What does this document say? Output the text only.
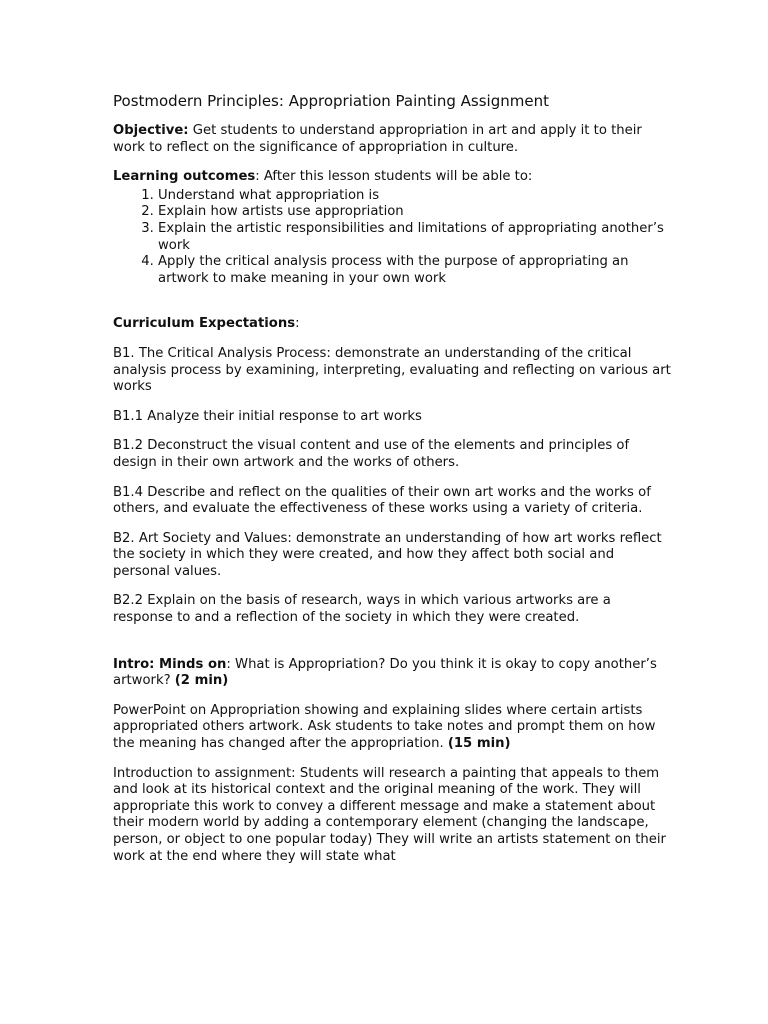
Postmodern Principles: Appropriation Painting Assignment

Objective: Get students to understand appropriation in art and apply it to their work to reflect on the significance of appropriation in culture.

Learning outcomes: After this lesson students will be able to:

1. Understand what appropriation is
2. Explain how artists use appropriation
3. Explain the artistic responsibilities and limitations of appropriating another’s work
4. Apply the critical analysis process with the purpose of appropriating an artwork to make meaning in your own work

Curriculum Expectations:

B1. The Critical Analysis Process: demonstrate an understanding of the critical analysis process by examining, interpreting, evaluating and reflecting on various art works

B1.1 Analyze their initial response to art works

B1.2 Deconstruct the visual content and use of the elements and principles of design in their own artwork and the works of others.

B1.4 Describe and reflect on the qualities of their own art works and the works of others, and evaluate the effectiveness of these works using a variety of criteria.

B2. Art Society and Values: demonstrate an understanding of how art works reflect the society in which they were created, and how they affect both social and personal values.

B2.2 Explain on the basis of research, ways in which various artworks are a response to and a reflection of the society in which they were created.

Intro: Minds on: What is Appropriation? Do you think it is okay to copy another’s artwork? (2 min)

PowerPoint on Appropriation showing and explaining slides where certain artists appropriated others artwork. Ask students to take notes and prompt them on how the meaning has changed after the appropriation. (15 min)

Introduction to assignment: Students will research a painting that appeals to them and look at its historical context and the original meaning of the work. They will appropriate this work to convey a different message and make a statement about their modern world by adding a contemporary element (changing the landscape, person, or object to one popular today) They will write an artists statement on their work at the end where they will state what
